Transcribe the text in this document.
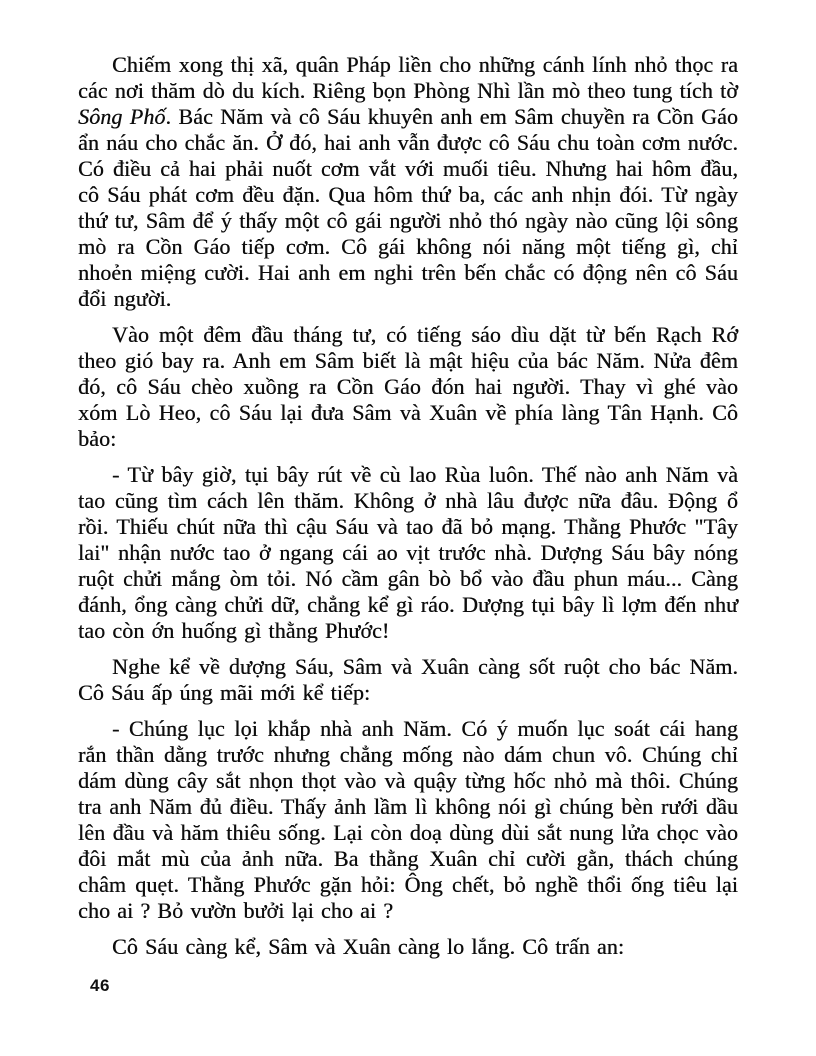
Chiếm xong thị xã, quân Pháp liền cho những cánh lính nhỏ thọc ra các nơi thăm dò du kích. Riêng bọn Phòng Nhì lần mò theo tung tích tờ Sông Phố. Bác Năm và cô Sáu khuyên anh em Sâm chuyền ra Cồn Gáo ẩn náu cho chắc ăn. Ở đó, hai anh vẫn được cô Sáu chu toàn cơm nước. Có điều cả hai phải nuốt cơm vắt với muối tiêu. Nhưng hai hôm đầu, cô Sáu phát cơm đều đặn. Qua hôm thứ ba, các anh nhịn đói. Từ ngày thứ tư, Sâm để ý thấy một cô gái người nhỏ thó ngày nào cũng lội sông mò ra Cồn Gáo tiếp cơm. Cô gái không nói năng một tiếng gì, chỉ nhoẻn miệng cười. Hai anh em nghi trên bến chắc có động nên cô Sáu đổi người.

Vào một đêm đầu tháng tư, có tiếng sáo dìu dặt từ bến Rạch Rớ theo gió bay ra. Anh em Sâm biết là mật hiệu của bác Năm. Nửa đêm đó, cô Sáu chèo xuồng ra Cồn Gáo đón hai người. Thay vì ghé vào xóm Lò Heo, cô Sáu lại đưa Sâm và Xuân về phía làng Tân Hạnh. Cô bảo:

- Từ bây giờ, tụi bây rút về cù lao Rùa luôn. Thế nào anh Năm và tao cũng tìm cách lên thăm. Không ở nhà lâu được nữa đâu. Động ổ rồi. Thiếu chút nữa thì cậu Sáu và tao đã bỏ mạng. Thằng Phước "Tây lai" nhận nước tao ở ngang cái ao vịt trước nhà. Dượng Sáu bây nóng ruột chửi mắng òm tỏi. Nó cầm gân bò bổ vào đầu phun máu... Càng đánh, ổng càng chửi dữ, chẳng kể gì ráo. Dượng tụi bây lì lợm đến như tao còn ớn huống gì thằng Phước!

Nghe kể về dượng Sáu, Sâm và Xuân càng sốt ruột cho bác Năm. Cô Sáu ấp úng mãi mới kể tiếp:

- Chúng lục lọi khắp nhà anh Năm. Có ý muốn lục soát cái hang rắn thần dằng trước nhưng chẳng mống nào dám chun vô. Chúng chỉ dám dùng cây sắt nhọn thọt vào và quậy từng hốc nhỏ mà thôi. Chúng tra anh Năm đủ điều. Thấy ảnh lầm lì không nói gì chúng bèn rưới dầu lên đầu và hăm thiêu sống. Lại còn doạ dùng dùi sắt nung lửa chọc vào đôi mắt mù của ảnh nữa. Ba thằng Xuân chỉ cười gằn, thách chúng châm quẹt. Thằng Phước gặn hỏi: Ông chết, bỏ nghề thổi ống tiêu lại cho ai ? Bỏ vườn bưởi lại cho ai ?

Cô Sáu càng kể, Sâm và Xuân càng lo lắng. Cô trấn an:

46
